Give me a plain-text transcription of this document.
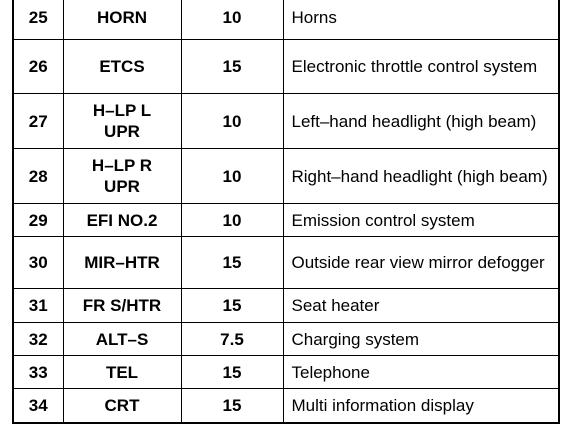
25	HORN	10	Horns
26	ETCS	15	Electronic throttle control system
27	H–LP L UPR	10	Left–hand headlight (high beam)
28	H–LP R UPR	10	Right–hand headlight (high beam)
29	EFI NO.2	10	Emission control system
30	MIR–HTR	15	Outside rear view mirror defogger
31	FR S/HTR	15	Seat heater
32	ALT–S	7.5	Charging system
33	TEL	15	Telephone
34	CRT	15	Multi information display
